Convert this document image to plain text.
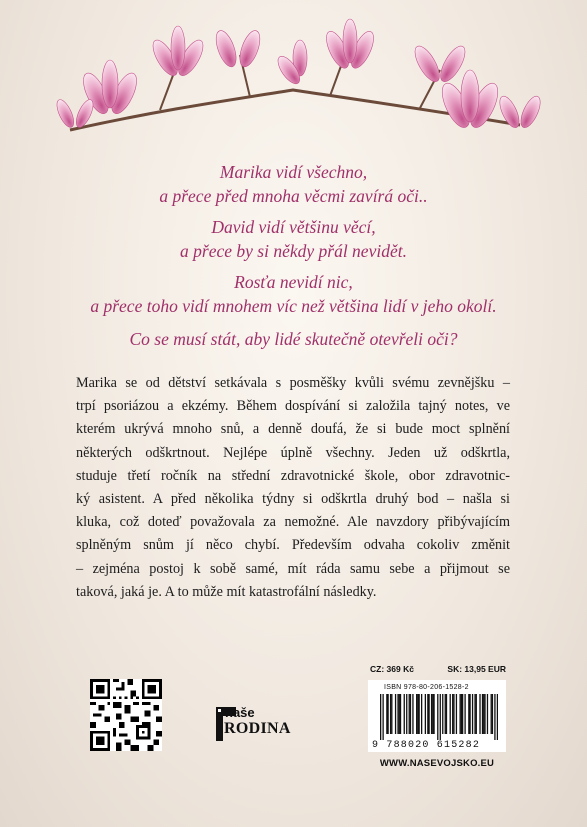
Marika vidí všechno,
a přece před mnoha věcmi zavírá oči..
David vidí většinu věcí,
a přece by si někdy přál nevidět.
Rosťa nevidí nic,
a přece toho vidí mnohem víc než většina lidí v jeho okolí.
Co se musí stát, aby lidé skutečně otevřeli oči?
Marika se od dětství setkávala s posměšky kvůli svému zevnějšku –
trpí psoriázou a ekzémy. Během dospívání si založila tajný notes, ve
kterém ukrývá mnoho snů, a denně doufá, že si bude moct splnění
některých odškrtnout. Nejlépe úplně všechny. Jeden už odškrtla,
studuje třetí ročník na střední zdravotnické škole, obor zdravotnic-
ký asistent. A před několika týdny si odškrtla druhý bod – našla si
kluka, což doteď považovala za nemožné. Ale navzdory přibývajícím
splněným snům jí něco chybí. Především odvaha cokoliv změnit
– zejména postoj k sobě samé, mít ráda samu sebe a přijmout se
taková, jaká je. A to může mít katastrofální následky.
naše
RODINA
CZ: 369 Kč	SK: 13,95 EUR
ISBN 978-80-206-1528-2
9 788020 615282
WWW.NASEVOJSKO.EU
